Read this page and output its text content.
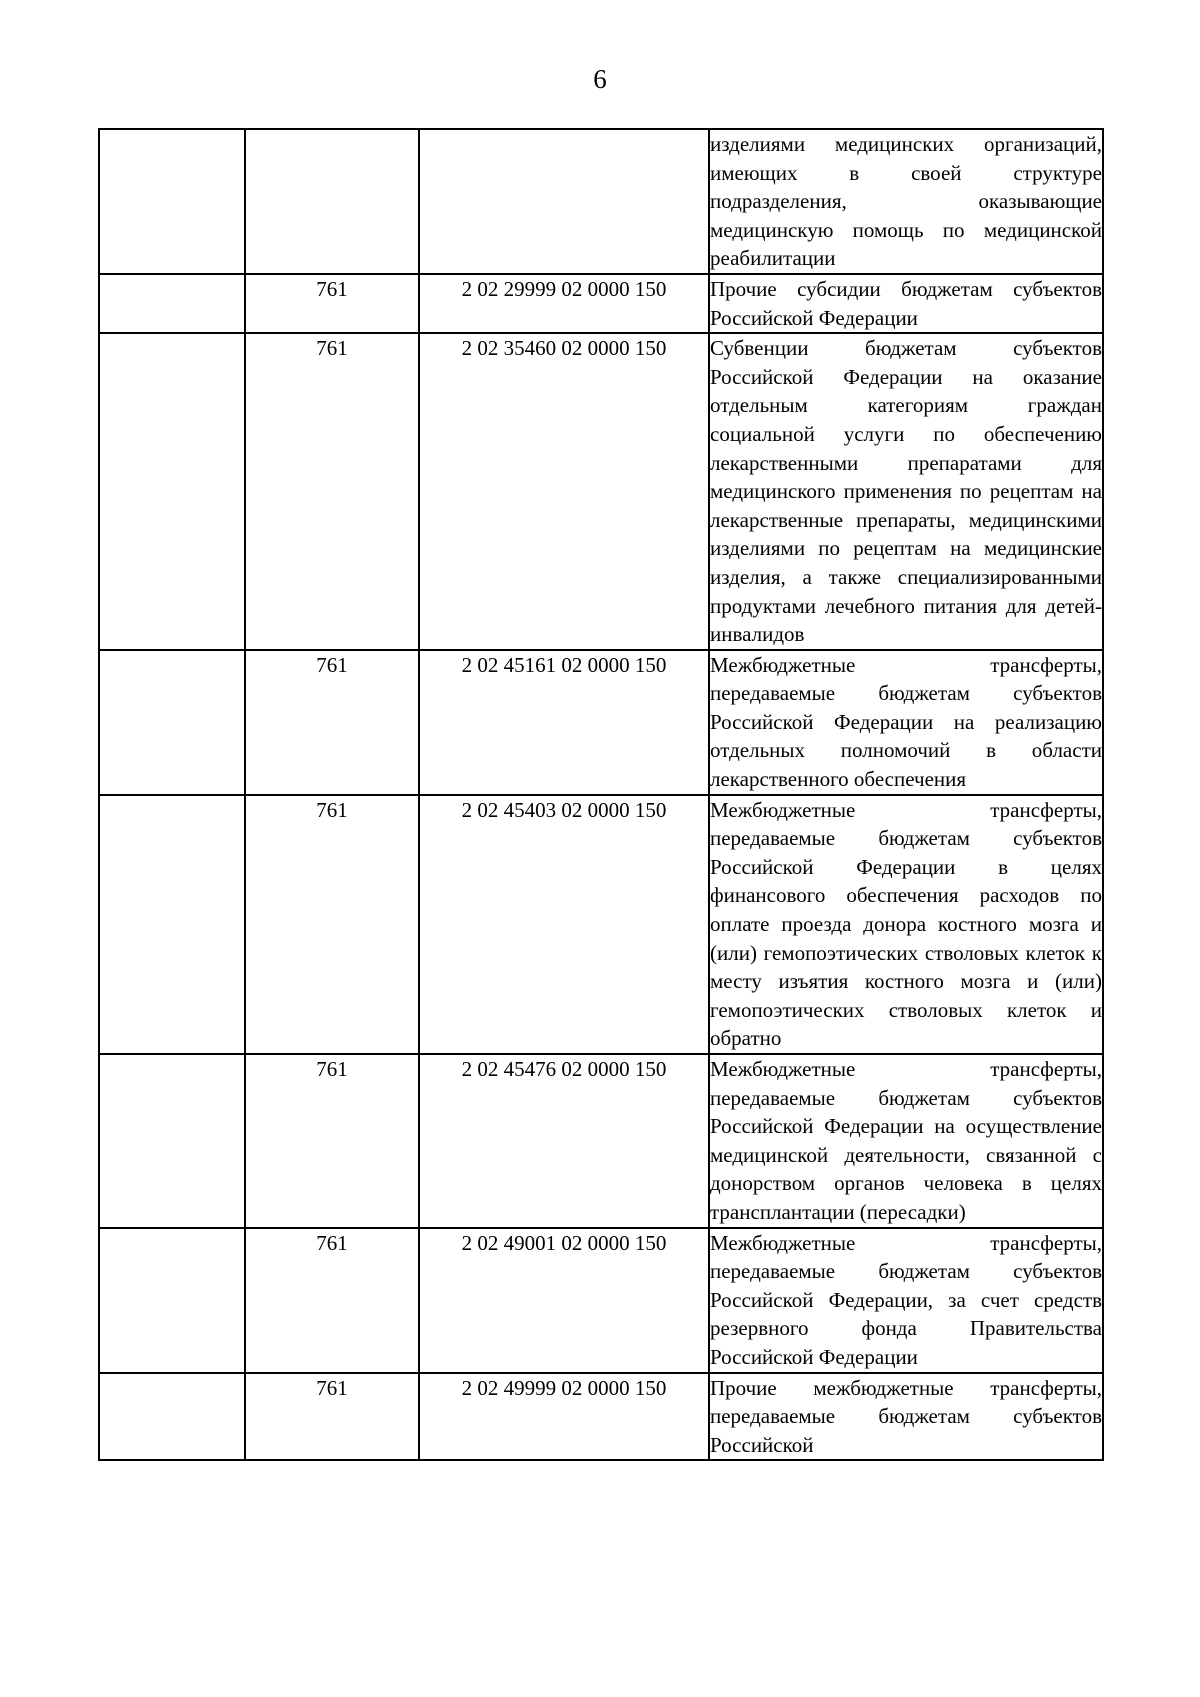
6
			изделиями медицинских организаций, имеющих в своей структуре подразделения, оказывающие медицинскую помощь по медицинской реабилитации
	761	2 02 29999 02 0000 150	Прочие субсидии бюджетам субъектов Российской Федерации
	761	2 02 35460 02 0000 150	Субвенции бюджетам субъектов Российской Федерации на оказание отдельным категориям граждан социальной услуги по обеспечению лекарственными препаратами для медицинского применения по рецептам на лекарственные препараты, медицинскими изделиями по рецептам на медицинские изделия, а также специализированными продуктами лечебного питания для детей-инвалидов
	761	2 02 45161 02 0000 150	Межбюджетные трансферты, передаваемые бюджетам субъектов Российской Федерации на реализацию отдельных полномочий в области лекарственного обеспечения
	761	2 02 45403 02 0000 150	Межбюджетные трансферты, передаваемые бюджетам субъектов Российской Федерации в целях финансового обеспечения расходов по оплате проезда донора костного мозга и (или) гемопоэтических стволовых клеток к месту изъятия костного мозга и (или) гемопоэтических стволовых клеток и обратно
	761	2 02 45476 02 0000 150	Межбюджетные трансферты, передаваемые бюджетам субъектов Российской Федерации на осуществление медицинской деятельности, связанной с донорством органов человека в целях трансплантации (пересадки)
	761	2 02 49001 02 0000 150	Межбюджетные трансферты, передаваемые бюджетам субъектов Российской Федерации, за счет средств резервного фонда Правительства Российской Федерации
	761	2 02 49999 02 0000 150	Прочие межбюджетные трансферты, передаваемые бюджетам субъектов Российской
